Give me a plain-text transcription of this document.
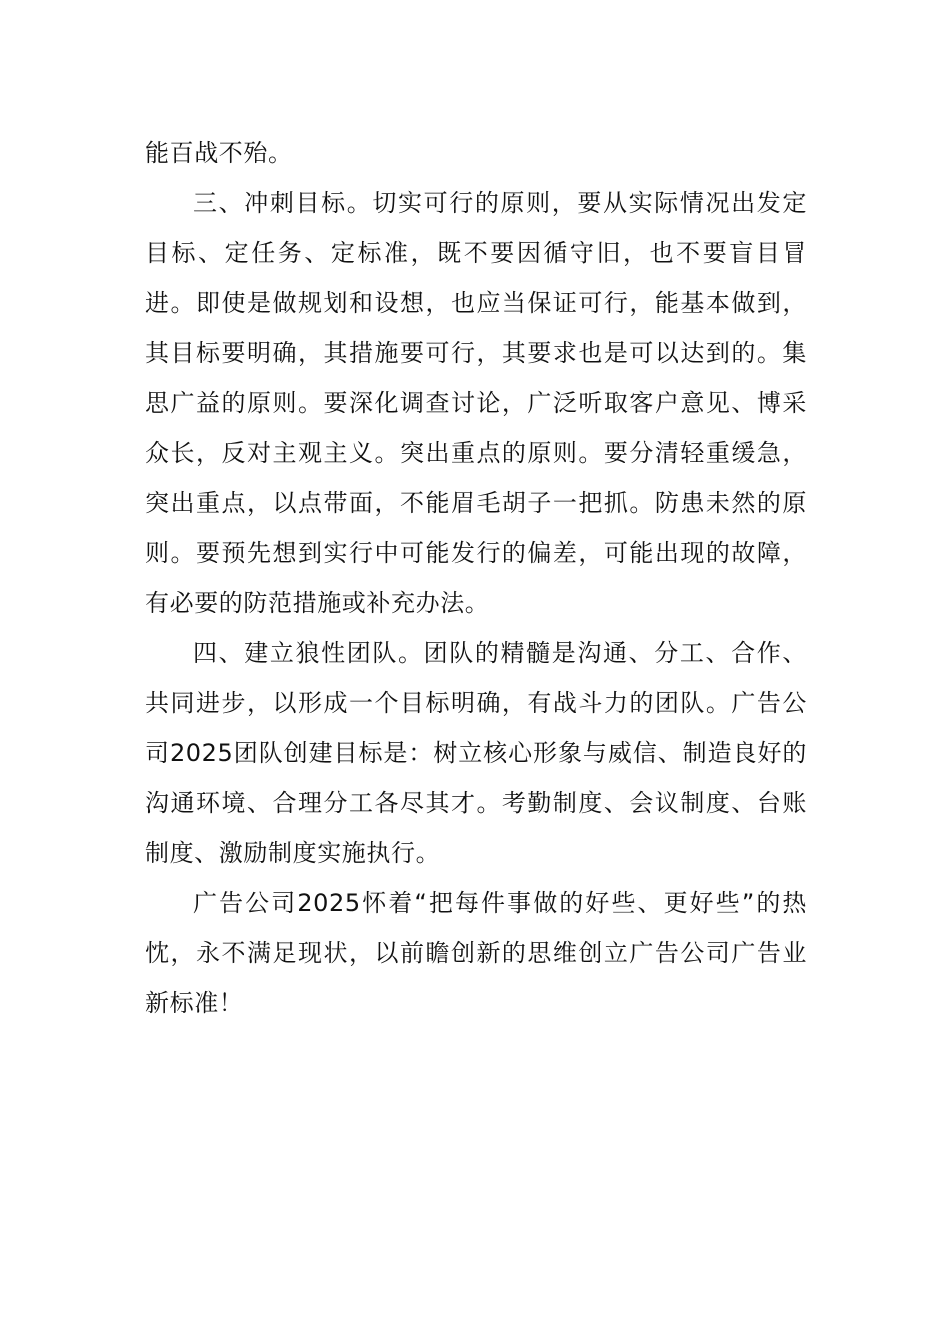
能百战不殆。

三、冲刺目标。切实可行的原则，要从实际情况出发定目标、定任务、定标准，既不要因循守旧，也不要盲目冒进。即使是做规划和设想，也应当保证可行，能基本做到，其目标要明确，其措施要可行，其要求也是可以达到的。集思广益的原则。要深化调查讨论，广泛听取客户意见、博采众长，反对主观主义。突出重点的原则。要分清轻重缓急，突出重点，以点带面，不能眉毛胡子一把抓。防患未然的原则。要预先想到实行中可能发行的偏差，可能出现的故障，有必要的防范措施或补充办法。

四、建立狼性团队。团队的精髓是沟通、分工、合作、共同进步，以形成一个目标明确，有战斗力的团队。广告公司2025团队创建目标是：树立核心形象与威信、制造良好的沟通环境、合理分工各尽其才。考勤制度、会议制度、台账制度、激励制度实施执行。

广告公司2025怀着“把每件事做的好些、更好些”的热忱，永不满足现状，以前瞻创新的思维创立广告公司广告业新标准！
